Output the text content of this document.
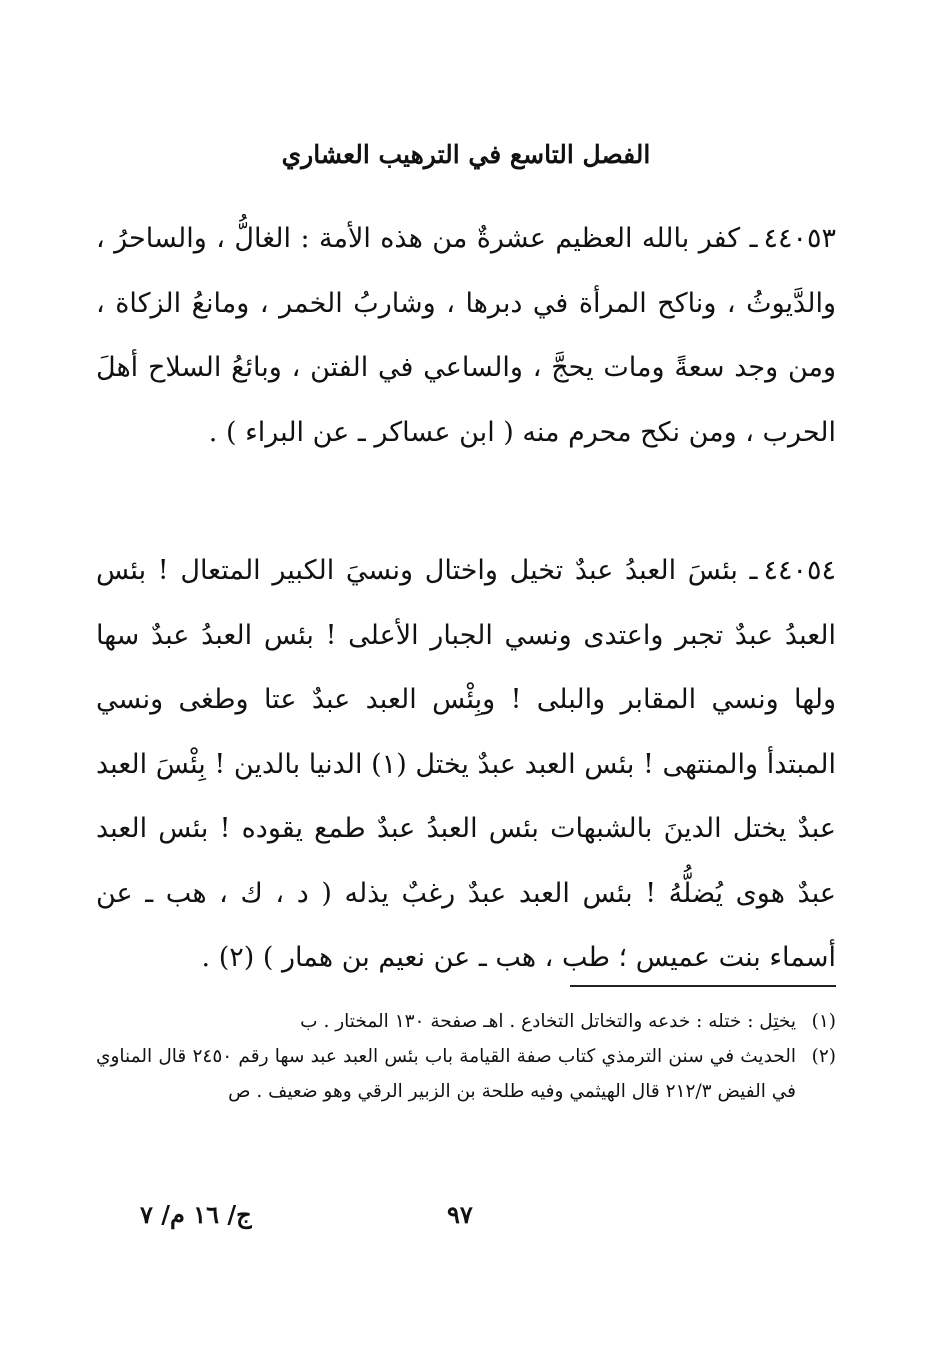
الفصل التاسع في الترهيب العشاري

٤٤٠٥٣ـ كفر بالله العظيم عشرةٌ من هذه الأمة : الغالُّ ، والساحرُ ، والدَّيوثُ ، وناكح المرأة في دبرها ، وشاربُ الخمر ، ومانعُ الزكاة ، ومن وجد سعةً ومات يحجَّ ، والساعي في الفتن ، وبائعُ السلاح أهلَ الحرب ، ومن نكح محرم منه ( ابن عساكر ـ عن البراء ) .

٤٤٠٥٤ـ بئسَ العبدُ عبدٌ تخيل واختال ونسيَ الكبير المتعال ! بئس العبدُ عبدٌ تجبر واعتدى ونسي الجبار الأعلى ! بئس العبدُ عبدٌ سها ولها ونسي المقابر والبلى ! وبِئْس العبد عبدٌ عتا وطغى ونسي المبتدأ والمنتهى ! بئس العبد عبدٌ يختل (١) الدنيا بالدين ! بِئْسَ العبد عبدٌ يختل الدينَ بالشبهات بئس العبدُ عبدٌ طمع يقوده ! بئس العبد عبدٌ هوى يُضلُّهُ ! بئس العبد عبدٌ رغبٌ يذله ( د ، ك ، هب ـ عن أسماء بنت عميس ؛ طب ، هب ـ عن نعيم بن همار ) (٢) .

(١)
يختِل : ختله : خدعه والتخاتل التخادع . اهـ صفحة ١٣٠ المختار . ب
(٢)
الحديث في سنن الترمذي كتاب صفة القيامة باب بئس العبد عبد سها رقم ٢٤٥٠ قال المناوي في الفيض ٢١٢/٣ قال الهيثمي وفيه طلحة بن الزبير الرقي وهو ضعيف . ص
ج/ ١٦ م/ ٧	٩٧
